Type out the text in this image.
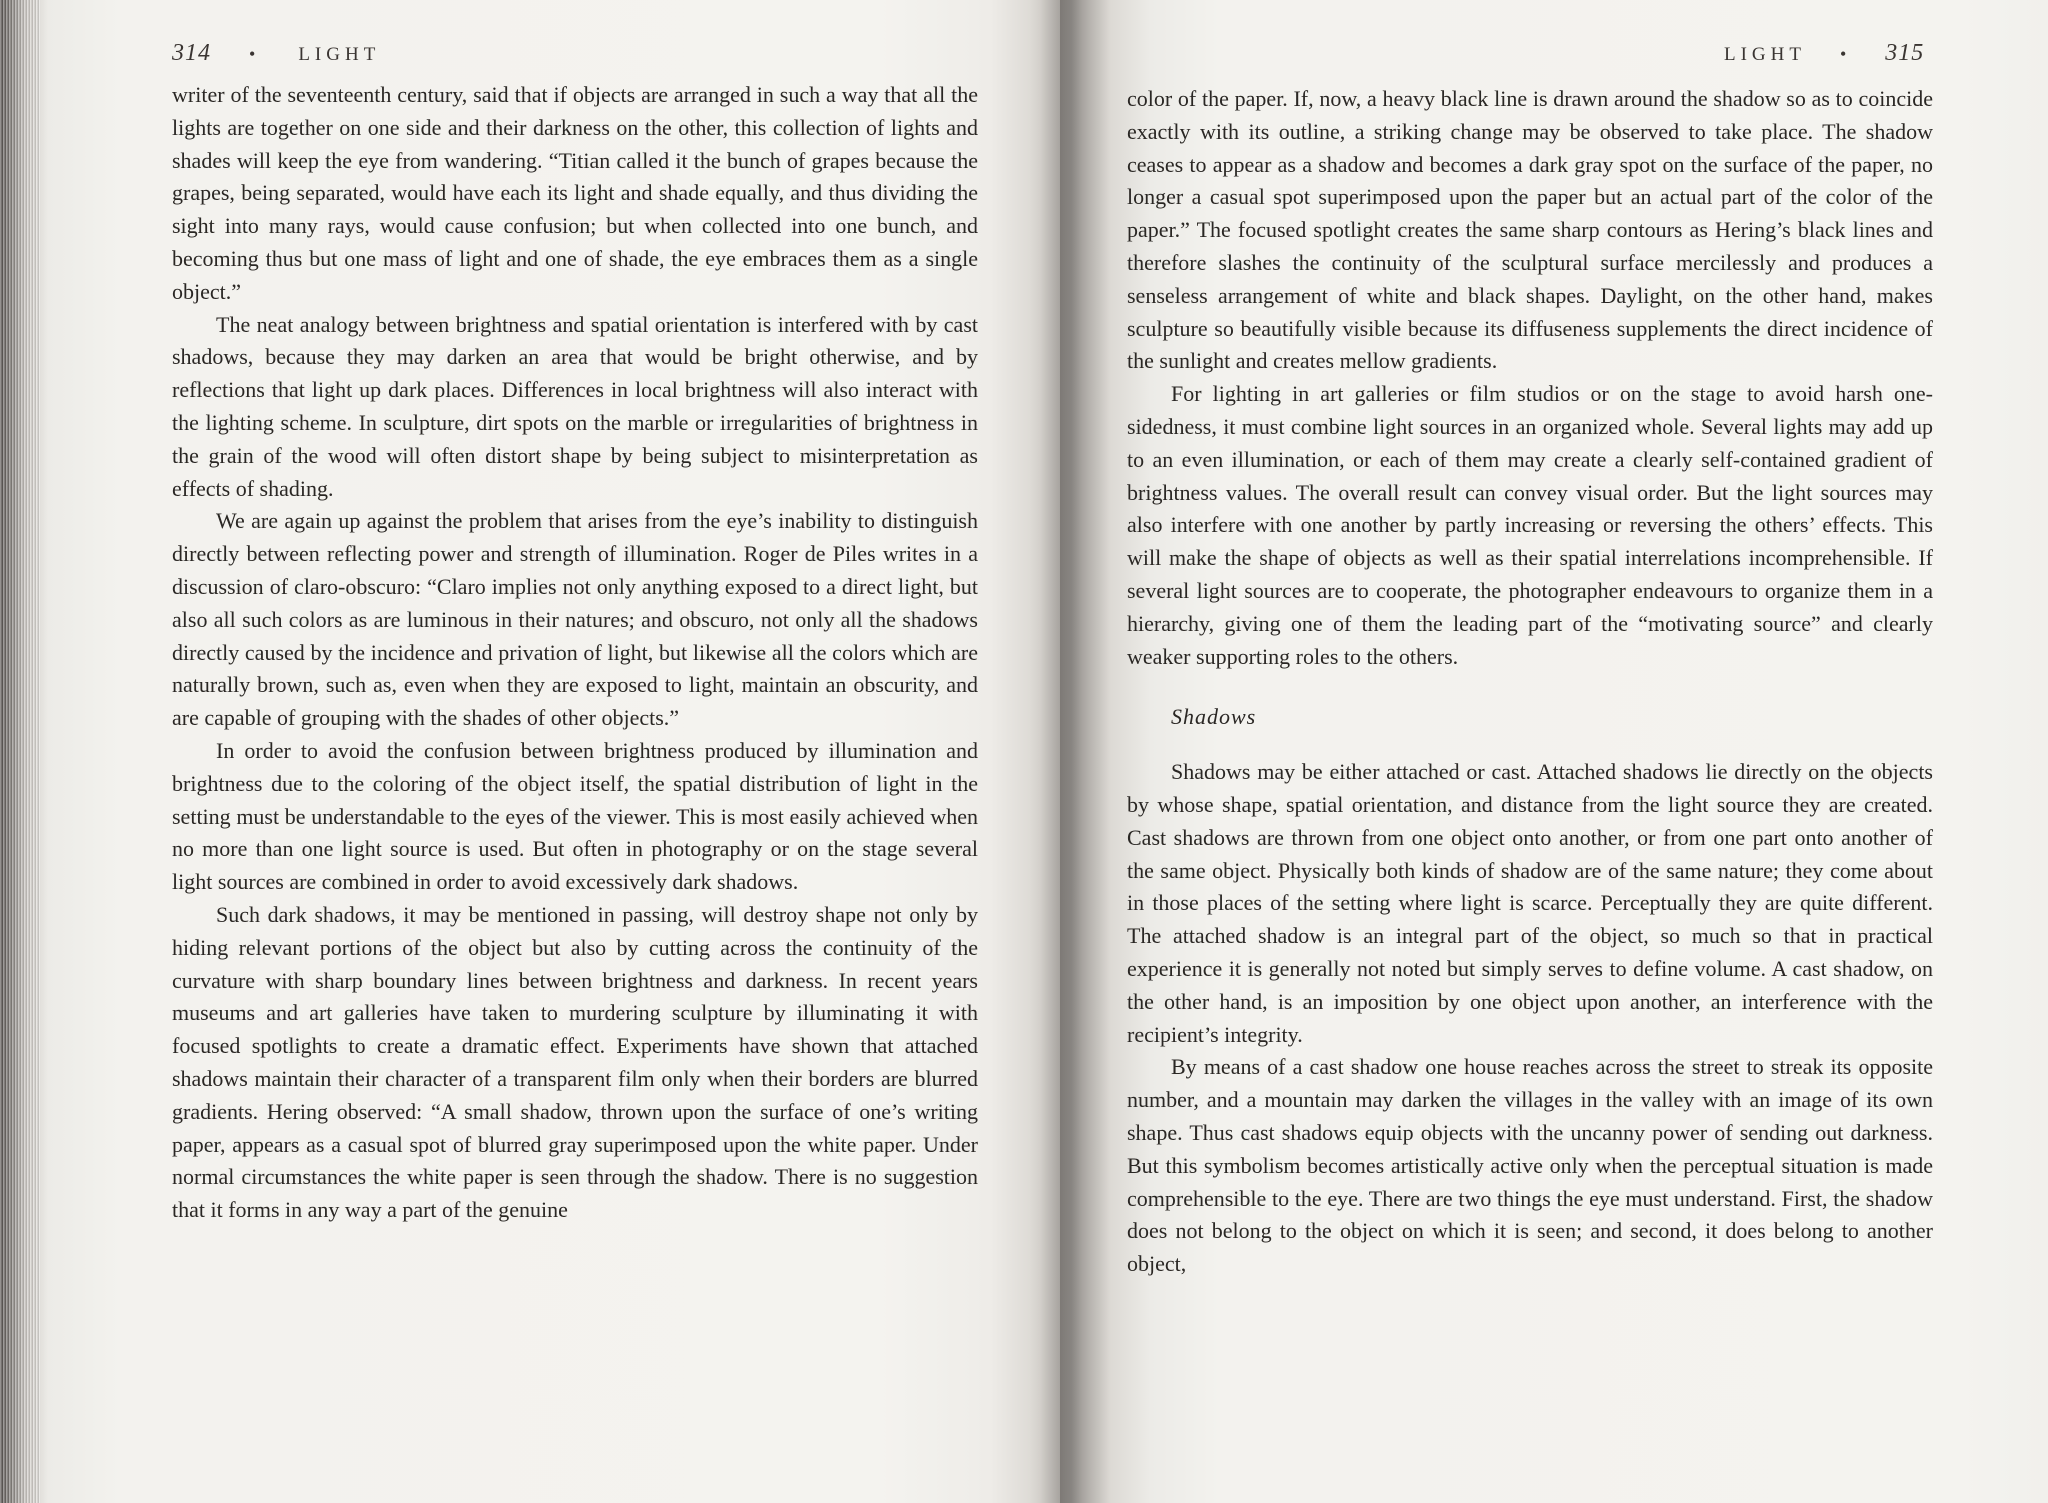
314 • LIGHT

writer of the seventeenth century, said that if objects are arranged in such a way that all the lights are together on one side and their darkness on the other, this collection of lights and shades will keep the eye from wandering. “Titian called it the bunch of grapes because the grapes, being separated, would have each its light and shade equally, and thus dividing the sight into many rays, would cause confusion; but when collected into one bunch, and becoming thus but one mass of light and one of shade, the eye embraces them as a single object.”

The neat analogy between brightness and spatial orientation is interfered with by cast shadows, because they may darken an area that would be bright otherwise, and by reflections that light up dark places. Differences in local brightness will also interact with the lighting scheme. In sculpture, dirt spots on the marble or irregularities of brightness in the grain of the wood will often distort shape by being subject to misinterpretation as effects of shading.

We are again up against the problem that arises from the eye’s inability to distinguish directly between reflecting power and strength of illumination. Roger de Piles writes in a discussion of claro-obscuro: “Claro implies not only anything exposed to a direct light, but also all such colors as are luminous in their natures; and obscuro, not only all the shadows directly caused by the incidence and privation of light, but likewise all the colors which are naturally brown, such as, even when they are exposed to light, maintain an obscurity, and are capable of grouping with the shades of other objects.”

In order to avoid the confusion between brightness produced by illumination and brightness due to the coloring of the object itself, the spatial distribution of light in the setting must be understandable to the eyes of the viewer. This is most easily achieved when no more than one light source is used. But often in photography or on the stage several light sources are combined in order to avoid excessively dark shadows.

Such dark shadows, it may be mentioned in passing, will destroy shape not only by hiding relevant portions of the object but also by cutting across the continuity of the curvature with sharp boundary lines between brightness and darkness. In recent years museums and art galleries have taken to murdering sculpture by illuminating it with focused spotlights to create a dramatic effect. Experiments have shown that attached shadows maintain their character of a transparent film only when their borders are blurred gradients. Hering observed: “A small shadow, thrown upon the surface of one’s writing paper, appears as a casual spot of blurred gray superimposed upon the white paper. Under normal circumstances the white paper is seen through the shadow. There is no suggestion that it forms in any way a part of the genuine

LIGHT • 315

color of the paper. If, now, a heavy black line is drawn around the shadow so as to coincide exactly with its outline, a striking change may be observed to take place. The shadow ceases to appear as a shadow and becomes a dark gray spot on the surface of the paper, no longer a casual spot superimposed upon the paper but an actual part of the color of the paper.” The focused spotlight creates the same sharp contours as Hering’s black lines and therefore slashes the continuity of the sculptural surface mercilessly and produces a senseless arrangement of white and black shapes. Daylight, on the other hand, makes sculpture so beautifully visible because its diffuseness supplements the direct incidence of the sunlight and creates mellow gradients.

For lighting in art galleries or film studios or on the stage to avoid harsh one-sidedness, it must combine light sources in an organized whole. Several lights may add up to an even illumination, or each of them may create a clearly self-contained gradient of brightness values. The overall result can convey visual order. But the light sources may also interfere with one another by partly increasing or reversing the others’ effects. This will make the shape of objects as well as their spatial interrelations incomprehensible. If several light sources are to cooperate, the photographer endeavours to organize them in a hierarchy, giving one of them the leading part of the “motivating source” and clearly weaker supporting roles to the others.

Shadows

Shadows may be either attached or cast. Attached shadows lie directly on the objects by whose shape, spatial orientation, and distance from the light source they are created. Cast shadows are thrown from one object onto another, or from one part onto another of the same object. Physically both kinds of shadow are of the same nature; they come about in those places of the setting where light is scarce. Perceptually they are quite different. The attached shadow is an integral part of the object, so much so that in practical experience it is generally not noted but simply serves to define volume. A cast shadow, on the other hand, is an imposition by one object upon another, an interference with the recipient’s integrity.

By means of a cast shadow one house reaches across the street to streak its opposite number, and a mountain may darken the villages in the valley with an image of its own shape. Thus cast shadows equip objects with the uncanny power of sending out darkness. But this symbolism becomes artistically active only when the perceptual situation is made comprehensible to the eye. There are two things the eye must understand. First, the shadow does not belong to the object on which it is seen; and second, it does belong to another object,
